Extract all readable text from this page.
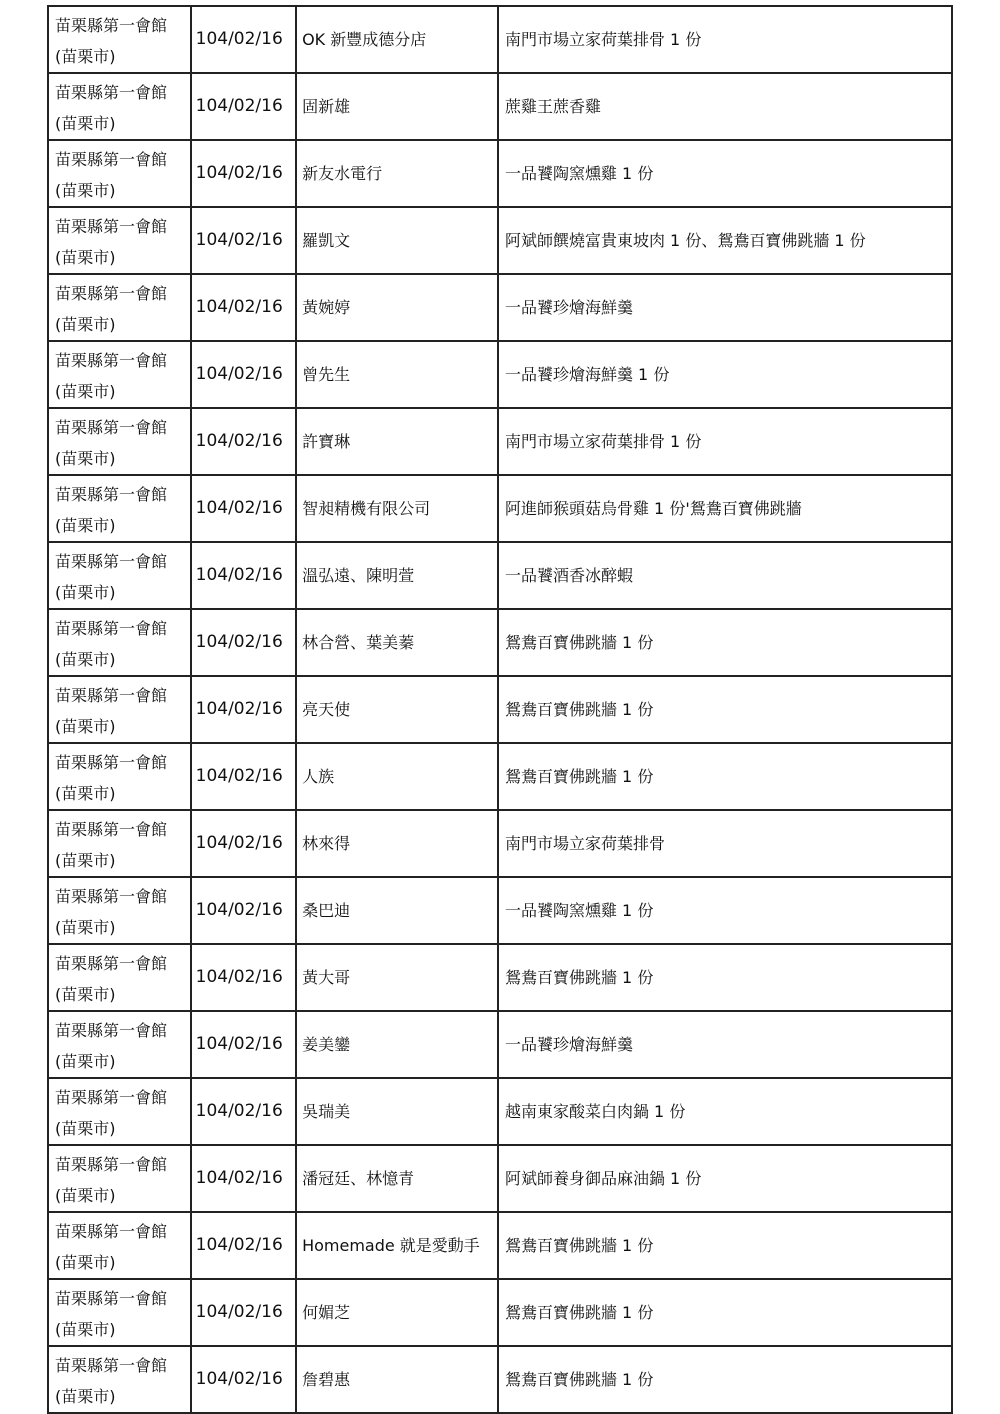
苗栗縣第一會館
(苗栗市)	104/02/16	OK 新豐成德分店	南門市場立家荷葉排骨 1 份

苗栗縣第一會館
(苗栗市)	104/02/16	固新雄	蔗雞王蔗香雞

苗栗縣第一會館
(苗栗市)	104/02/16	新友水電行	一品饕陶窯燻雞 1 份

苗栗縣第一會館
(苗栗市)	104/02/16	羅凱文	阿斌師饌燒富貴東坡肉 1 份、鴛鴦百寶佛跳牆 1 份

苗栗縣第一會館
(苗栗市)	104/02/16	黃婉婷	一品饕珍燴海鮮羹

苗栗縣第一會館
(苗栗市)	104/02/16	曾先生	一品饕珍燴海鮮羹 1 份

苗栗縣第一會館
(苗栗市)	104/02/16	許寶琳	南門市場立家荷葉排骨 1 份

苗栗縣第一會館
(苗栗市)	104/02/16	智昶精機有限公司	阿進師猴頭菇烏骨雞 1 份'鴛鴦百寶佛跳牆

苗栗縣第一會館
(苗栗市)	104/02/16	溫弘遠、陳明萱	一品饕酒香冰醉蝦

苗栗縣第一會館
(苗栗市)	104/02/16	林合營、葉美蓁	鴛鴦百寶佛跳牆 1 份

苗栗縣第一會館
(苗栗市)	104/02/16	亮天使	鴛鴦百寶佛跳牆 1 份

苗栗縣第一會館
(苗栗市)	104/02/16	人族	鴛鴦百寶佛跳牆 1 份

苗栗縣第一會館
(苗栗市)	104/02/16	林來得	南門市場立家荷葉排骨

苗栗縣第一會館
(苗栗市)	104/02/16	桑巴迪	一品饕陶窯燻雞 1 份

苗栗縣第一會館
(苗栗市)	104/02/16	黃大哥	鴛鴦百寶佛跳牆 1 份

苗栗縣第一會館
(苗栗市)	104/02/16	姜美鑾	一品饕珍燴海鮮羹

苗栗縣第一會館
(苗栗市)	104/02/16	吳瑞美	越南東家酸菜白肉鍋 1 份

苗栗縣第一會館
(苗栗市)	104/02/16	潘冠廷、林憶青	阿斌師養身御品麻油鍋 1 份

苗栗縣第一會館
(苗栗市)	104/02/16	Homemade 就是愛動手	鴛鴦百寶佛跳牆 1 份

苗栗縣第一會館
(苗栗市)	104/02/16	何媚芝	鴛鴦百寶佛跳牆 1 份

苗栗縣第一會館
(苗栗市)	104/02/16	詹碧惠	鴛鴦百寶佛跳牆 1 份
